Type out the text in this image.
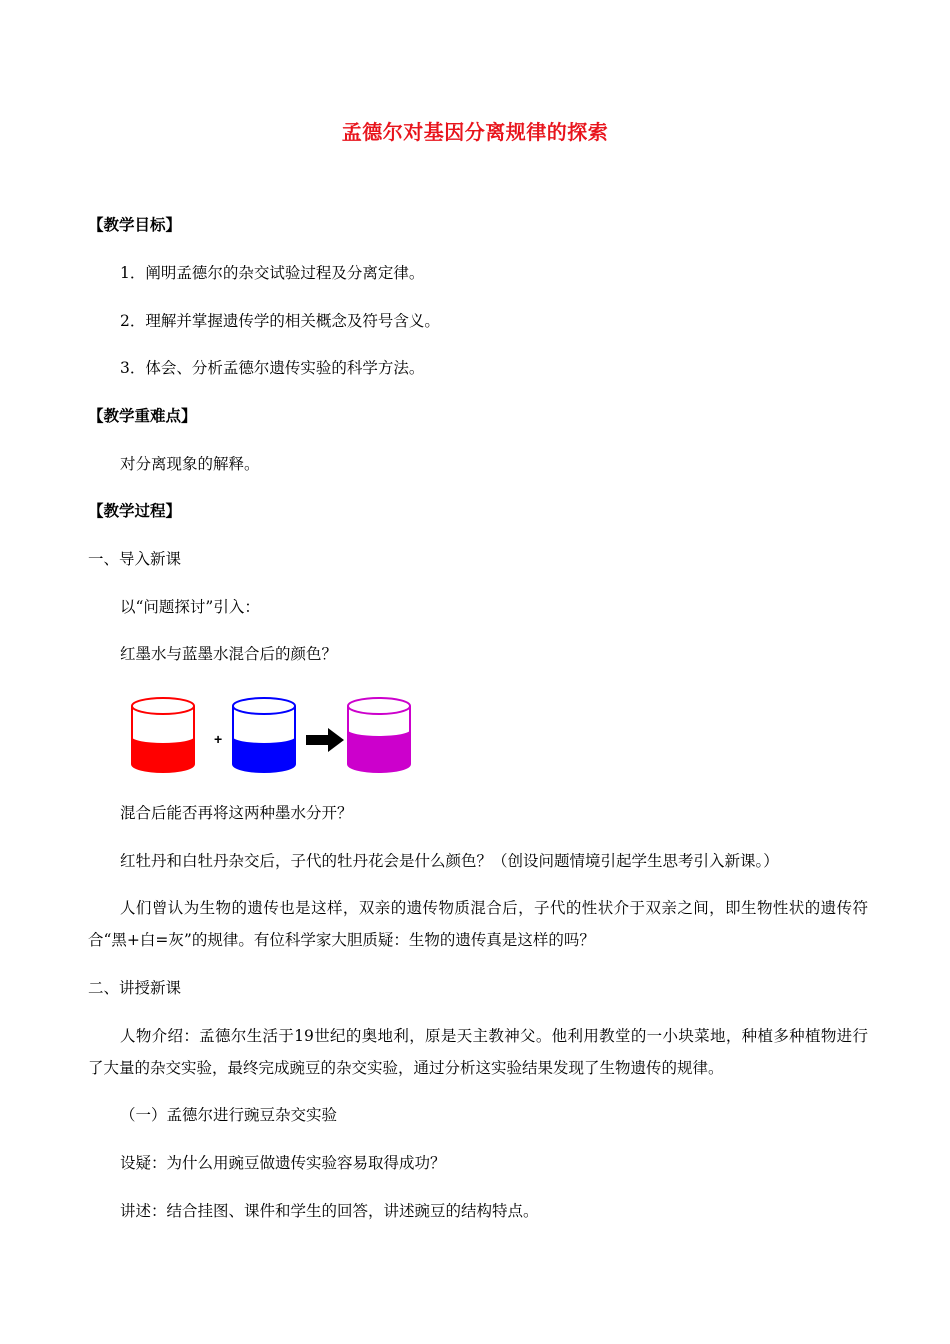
孟德尔对基因分离规律的探索
【教学目标】
1．阐明孟德尔的杂交试验过程及分离定律。
2．理解并掌握遗传学的相关概念及符号含义。
3．体会、分析孟德尔遗传实验的科学方法。
【教学重难点】
对分离现象的解释。
【教学过程】
一、导入新课
以“问题探讨”引入：
红墨水与蓝墨水混合后的颜色？
+
混合后能否再将这两种墨水分开？
红牡丹和白牡丹杂交后，子代的牡丹花会是什么颜色？（创设问题情境引起学生思考引入新课。）
人们曾认为生物的遗传也是这样，双亲的遗传物质混合后，子代的性状介于双亲之间，即生物性状的遗传符合“黑+白=灰”的规律。有位科学家大胆质疑：生物的遗传真是这样的吗？
二、讲授新课
人物介绍：孟德尔生活于19世纪的奥地利，原是天主教神父。他利用教堂的一小块菜地，种植多种植物进行了大量的杂交实验，最终完成豌豆的杂交实验，通过分析这实验结果发现了生物遗传的规律。
（一）孟德尔进行豌豆杂交实验
设疑：为什么用豌豆做遗传实验容易取得成功？
讲述：结合挂图、课件和学生的回答，讲述豌豆的结构特点。
